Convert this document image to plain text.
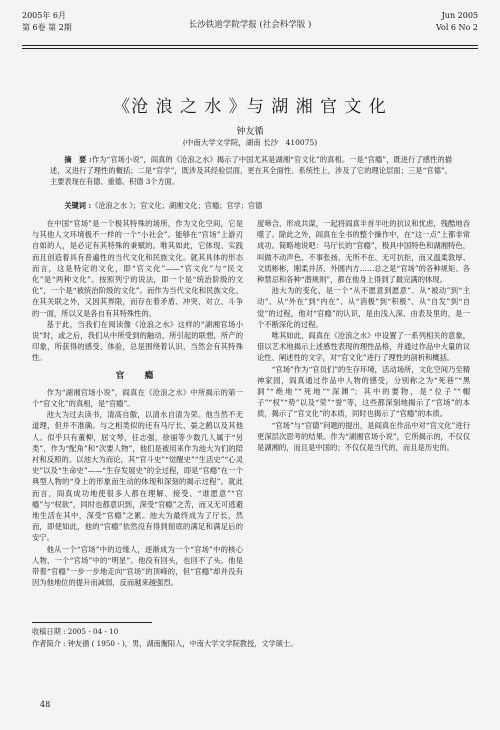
2005年 6月
第 6卷 第 2期	长沙铁道学院学报 (社会科学版 )
Jun 2005
Vol 6 No 2
《沧 浪 之 水 》与 湖 湘 官 文 化
钟友循
(中南大学文学院，湖南 长沙　410075)

摘　要 :作为“官场小说”，阎真的《沧浪之水》揭示了中国尤其是湖湘“官文化”的真相。一是“官瘾”，既进行了感性的描述，又进行了理性的概括；二是“官学”，既涉及其经验层面，更在其全面性、系统性上，涉及了它的理论层面；三是“官德”，主要表现在有德、重德、积德 3个方面。

关键词 :《沧浪之水 》；官文化；湖湘文化；官瘾；官学；官德

在中国“官场”是一个极其特殊的场所，作为文化空间，它是与其他人文环境极不一样的一个“小社会”。能够在“官场”上游刃自如的人，是必定有其特殊的秉赋的。唯其如此，它体现、实践而且创造着具有普遍性的当代文化和民族文化。就其具体的形态而言，这是特定的文化，即“官文化”——“官文化”与“民文化”是“两种文化”。按照列宁的说法，即一个是“统治阶级的文化”，一个是“被统治阶级的文化”。而作为当代文化和民族文化，在其关联之外，又因其界限，而存在着矛盾、冲突、对立、斗争的一面，所以又是各自有其特殊性的。

基于此，当我们在阅读像《沧浪之水》这样的“湖湘官场小说”时，或之后，我们从中所受到的触动、所引起的联想，所产的印象，所获得的感受、体验，总是围绕着认识、当然会有其特殊性。

官　瘾

作为“湖湘官场小说”，阎真在《沧浪之水》中所揭示的第一个“官文化”的真相，是“官瘾”。

池大为过去读书，清高自傲，以清水自清为荣。他当然不无道理，但并不准确。与之相类似的还有马厅长、晏之鹤以及其他人。似乎只有董柳，屈文琴，任志强，徐丽等少数几人属于“另类”，作为“配角”和“次要人物”，他们是被用来作为池大为们的陪衬和反照的。以池大为而论，其“官斗史”“觉醒史”“生活史”“心灵史”以及“生命史”——“生存发展史”的全过程，即是“官瘾”在一个典型人物的“身上的形象而生动的体现和深刻的揭示过程”。就此而言，阎真成功地使很多人都在理解、接受、“谁愿意”“官瘾”与“权欲”，同时也都意识到，深受“官瘾”之苦，而又无可逃避地生活在其中，深受“官瘾”之累。池大为最终成为了厅长，然而，即使如此，他的“官瘾”依然没有得到彻底的满足和满足后的安宁。

他从一个“官场”中的边缘人，逐渐成为一个“官场”中的核心人物，一个“官场”中的“明星”。他没有回头，也回不了头。他是带着“官瘾”一步一步地走向“官场”的顶峰的，但“官瘾”却并没有因为他地位的提升而减弱，反而越来越强烈。

度啼合，形成共谋，一起将阎真半首半吐的抗议和忧虑，残酷地吞噬了。除此之外，阎真在全书的整个操作中，在“这一点”上都非常成功。简略地说吧：马厅长的“官瘾”，极具中国特色和湖湘特色，叫做不动声色、不事张扬、无所不在、无可抗拒，而又温柔敦厚、文质彬彬，刚柔并济、外圆内方……总之是“官场”的各种规矩、各种禁忌和各种“潜规则”，都在他身上得到了最完满的体现。

池大为的变化，是一个“从不愿意到愿意”、从“被动”到“主动”、从“外在”到“内在”、从“消极”到“积极”、从“自发”到“自觉”的过程，他对“官瘾”的认识，是由浅入深、由表及里的，是一个不断深化的过程。

唯其如此，阎真在《沧浪之水》中设置了一系列相关的意象，借以艺术地揭示上述感性表现的理性品格，并通过作品中大量的议论性、阐述性的文字，对“官文化”进行了理性的剖析和概括。

“官场”作为“官员们”的生存环境，活动场所，文化空间乃至精神家园，阎真通过作品中人物的感受，分别称之为“死巷”“黑洞”“绝地”“死地”“深渊”；其中的要物，是“位子”“帽子”“权”“势”以及“荣”“誉”等，这些都深刻地揭示了“官场”的本质，揭示了“官文化”的本质，同时也揭示了“官瘾”的本质。

“官场”与“官德”问题的提出，是阎真在作品中对“官文化”进行更深层次思考的结果。作为“湖湘官场小说”，它所揭示的，不仅仅是湖湘的，而且是中国的；不仅仅是当代的，而且是历史的。

收稿日期 : 2005 - 04 - 10
作者简介 : 钟友循 ( 1950 - )，男，湖南衡阳人，中南大学文学院教授，文学硕士。
48
